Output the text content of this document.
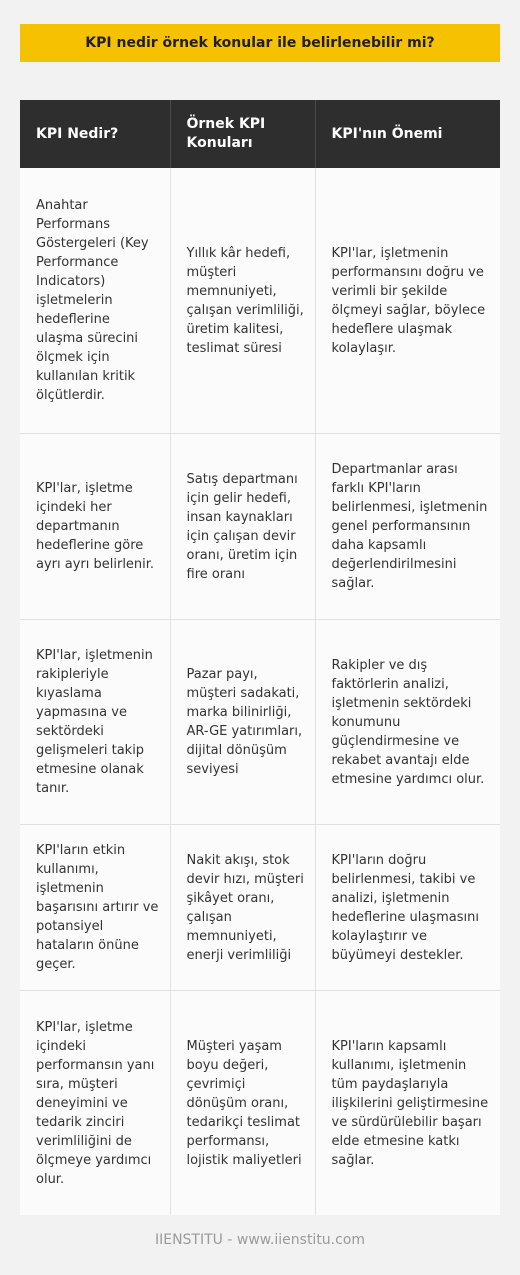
KPI nedir örnek konular ile belirlenebilir mi?
KPI Nedir?	Örnek KPI Konuları	KPI'nın Önemi
Anahtar Performans Göstergeleri (Key Performance Indicators) işletmelerin hedeflerine ulaşma sürecini ölçmek için kullanılan kritik ölçütlerdir.	Yıllık kâr hedefi, müşteri memnuniyeti, çalışan verimliliği, üretim kalitesi, teslimat süresi	KPI'lar, işletmenin performansını doğru ve verimli bir şekilde ölçmeyi sağlar, böylece hedeflere ulaşmak kolaylaşır.
KPI'lar, işletme içindeki her departmanın hedeflerine göre ayrı ayrı belirlenir.	Satış departmanı için gelir hedefi, insan kaynakları için çalışan devir oranı, üretim için fire oranı	Departmanlar arası farklı KPI'ların belirlenmesi, işletmenin genel performansının daha kapsamlı değerlendirilmesini sağlar.
KPI'lar, işletmenin rakipleriyle kıyaslama yapmasına ve sektördeki gelişmeleri takip etmesine olanak tanır.	Pazar payı, müşteri sadakati, marka bilinirliği, AR-GE yatırımları, dijital dönüşüm seviyesi	Rakipler ve dış faktörlerin analizi, işletmenin sektördeki konumunu güçlendirmesine ve rekabet avantajı elde etmesine yardımcı olur.
KPI'ların etkin kullanımı, işletmenin başarısını artırır ve potansiyel hataların önüne geçer.	Nakit akışı, stok devir hızı, müşteri şikâyet oranı, çalışan memnuniyeti, enerji verimliliği	KPI'ların doğru belirlenmesi, takibi ve analizi, işletmenin hedeflerine ulaşmasını kolaylaştırır ve büyümeyi destekler.
KPI'lar, işletme içindeki performansın yanı sıra, müşteri deneyimini ve tedarik zinciri verimliliğini de ölçmeye yardımcı olur.	Müşteri yaşam boyu değeri, çevrimiçi dönüşüm oranı, tedarikçi teslimat performansı, lojistik maliyetleri	KPI'ların kapsamlı kullanımı, işletmenin tüm paydaşlarıyla ilişkilerini geliştirmesine ve sürdürülebilir başarı elde etmesine katkı sağlar.
IIENSTITU - www.iienstitu.com
